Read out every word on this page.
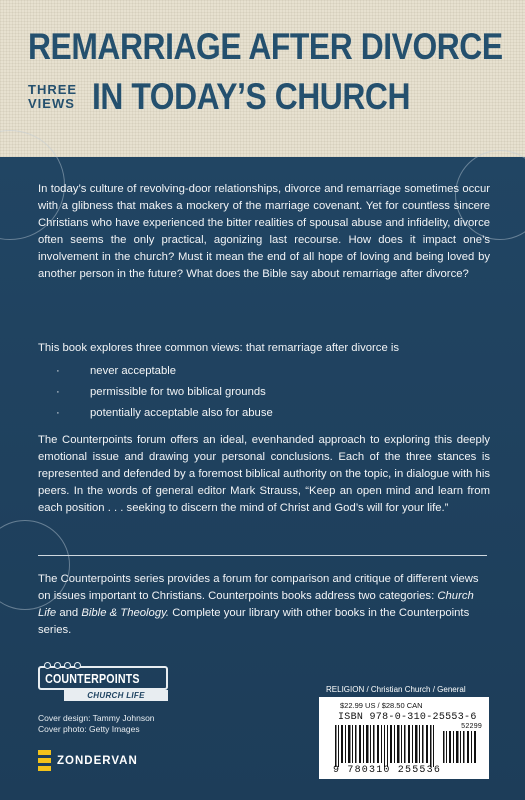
REMARRIAGE AFTER DIVORCE
THREE VIEWS IN TODAY’S CHURCH

In today’s culture of revolving-door relationships, divorce and remarriage sometimes occur with a glibness that makes a mockery of the marriage covenant. Yet for countless sincere Christians who have experienced the bitter realities of spousal abuse and infidelity, divorce often seems the only practical, agonizing last recourse. How does it impact one’s involvement in the church? Must it mean the end of all hope of loving and being loved by another person in the future? What does the Bible say about remarriage after divorce?

This book explores three common views: that remarriage after divorce is

· never acceptable
· permissible for two biblical grounds
· potentially acceptable also for abuse

The Counterpoints forum offers an ideal, evenhanded approach to exploring this deeply emotional issue and drawing your personal conclusions. Each of the three stances is represented and defended by a foremost biblical authority on the topic, in dialogue with his peers. In the words of general editor Mark Strauss, “Keep an open mind and learn from each position . . . seeking to discern the mind of Christ and God’s will for your life.”

The Counterpoints series provides a forum for comparison and critique of different views on issues important to Christians. Counterpoints books address two categories: Church Life and Bible & Theology. Complete your library with other books in the Counterpoints series.

COUNTERPOINTS
CHURCH LIFE
Cover design: Tammy Johnson
Cover photo: Getty Images
ZONDERVAN
RELIGION / Christian Church / General
$22.99 US / $28.50 CAN
ISBN 978-0-310-25553-6
52299
9 780310 255536
